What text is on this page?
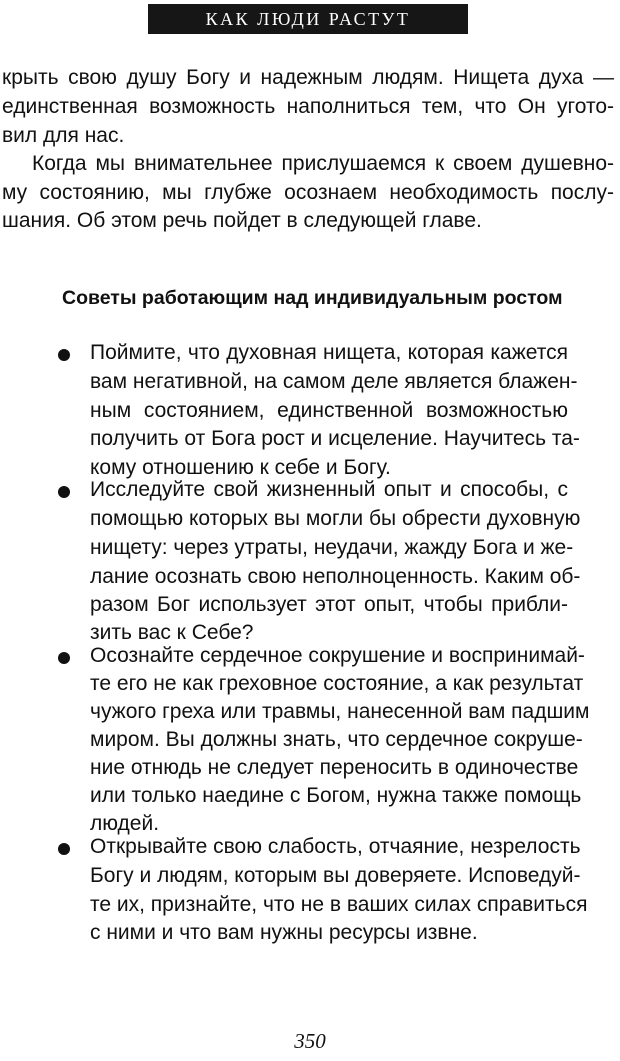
КАК ЛЮДИ РАСТУТ
крыть свою душу Богу и надежным людям. Нищета духа —
единственная возможность наполниться тем, что Он угото-
вил для нас.
Когда мы внимательнее прислушаемся к своем душевно-
му состоянию, мы глубже осознаем необходимость послу-
шания. Об этом речь пойдет в следующей главе.
Советы работающим над индивидуальным ростом
Поймите, что духовная нищета, которая кажется
вам негативной, на самом деле является блажен-
ным состоянием, единственной возможностью
получить от Бога рост и исцеление. Научитесь та-
кому отношению к себе и Богу.
Исследуйте свой жизненный опыт и способы, с
помощью которых вы могли бы обрести духовную
нищету: через утраты, неудачи, жажду Бога и же-
лание осознать свою неполноценность. Каким об-
разом Бог использует этот опыт, чтобы прибли-
зить вас к Себе?
Осознайте сердечное сокрушение и воспринимай-
те его не как греховное состояние, а как результат
чужого греха или травмы, нанесенной вам падшим
миром. Вы должны знать, что сердечное сокруше-
ние отнюдь не следует переносить в одиночестве
или только наедине с Богом, нужна также помощь
людей.
Открывайте свою слабость, отчаяние, незрелость
Богу и людям, которым вы доверяете. Исповедуй-
те их, признайте, что не в ваших силах справиться
с ними и что вам нужны ресурсы извне.
350
